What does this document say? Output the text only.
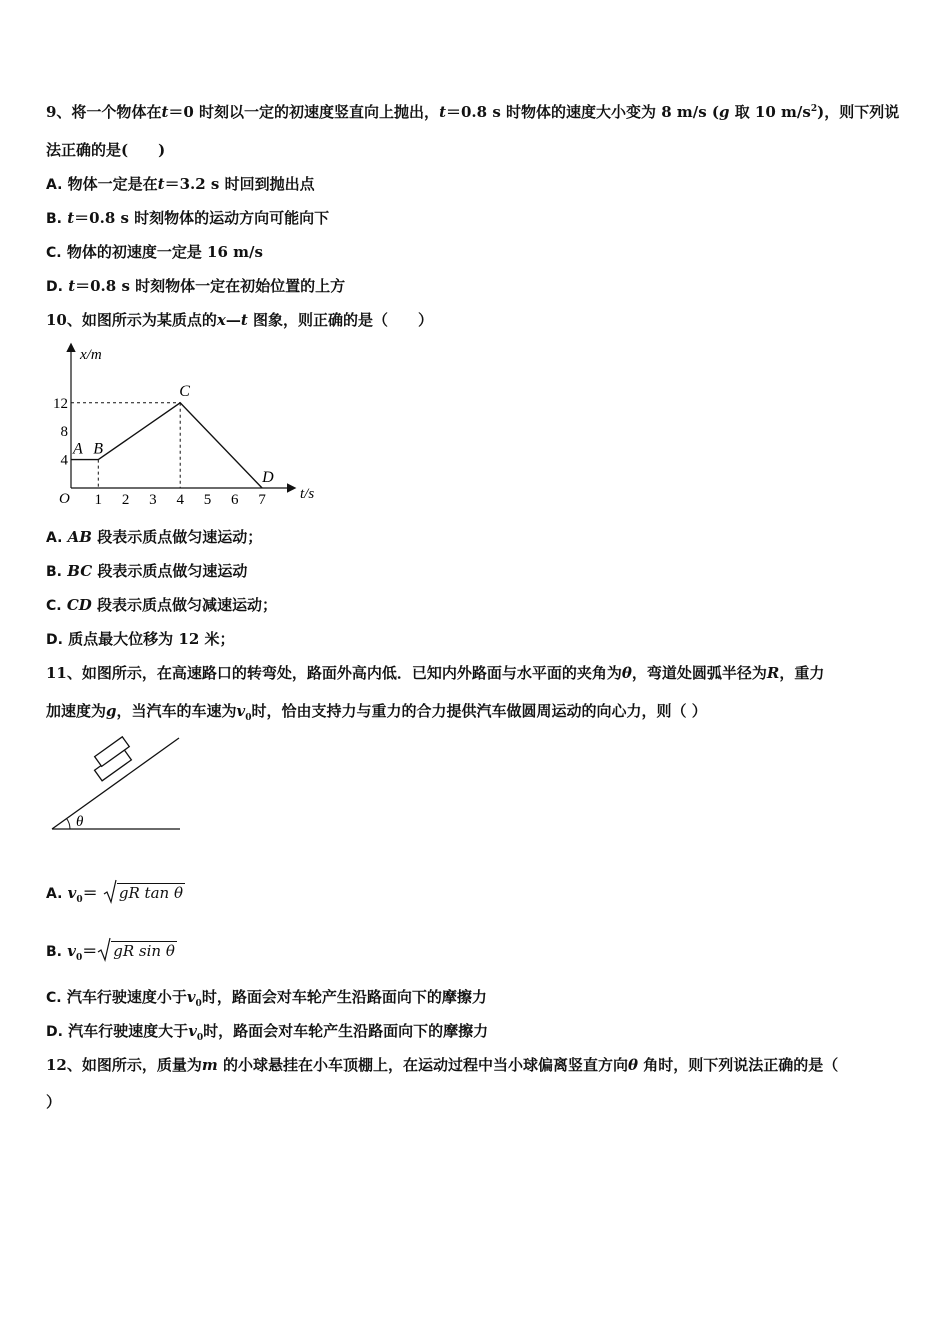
9、将一个物体在t＝0 时刻以一定的初速度竖直向上抛出，t＝0.8 s 时物体的速度大小变为 8 m/s (g 取 10 $m/s^2$)，则下列说
法正确的是(　　)
A. 物体一定是在t＝3.2 s 时回到抛出点
B. t＝0.8 s 时刻物体的运动方向可能向下
C. 物体的初速度一定是 16 m/s
D. t＝0.8 s 时刻物体一定在初始位置的上方
10、如图所示为某质点的x—t 图象，则正确的是（　　）
x/m
t/s
O 1 2 3 4 5 6 7
4
8
12
A B
C
D
A. AB 段表示质点做匀速运动；
B. BC 段表示质点做匀速运动
C. CD 段表示质点做匀减速运动；
D. 质点最大位移为 12 米；
11、如图所示，在高速路口的转弯处，路面外高内低．已知内外路面与水平面的夹角为θ，弯道处圆弧半径为R，重力
加速度为g，当汽车的车速为$v_0$时，恰由支持力与重力的合力提供汽车做圆周运动的向心力，则（ ）
θ
A. $v_0=$ gR tan θ
B. $v_0=$ gR sin θ
C. 汽车行驶速度小于$v_0$时，路面会对车轮产生沿路面向下的摩擦力
D. 汽车行驶速度大于$v_0$时，路面会对车轮产生沿路面向下的摩擦力
12、如图所示，质量为m 的小球悬挂在小车顶棚上，在运动过程中当小球偏离竖直方向θ 角时，则下列说法正确的是（
）
